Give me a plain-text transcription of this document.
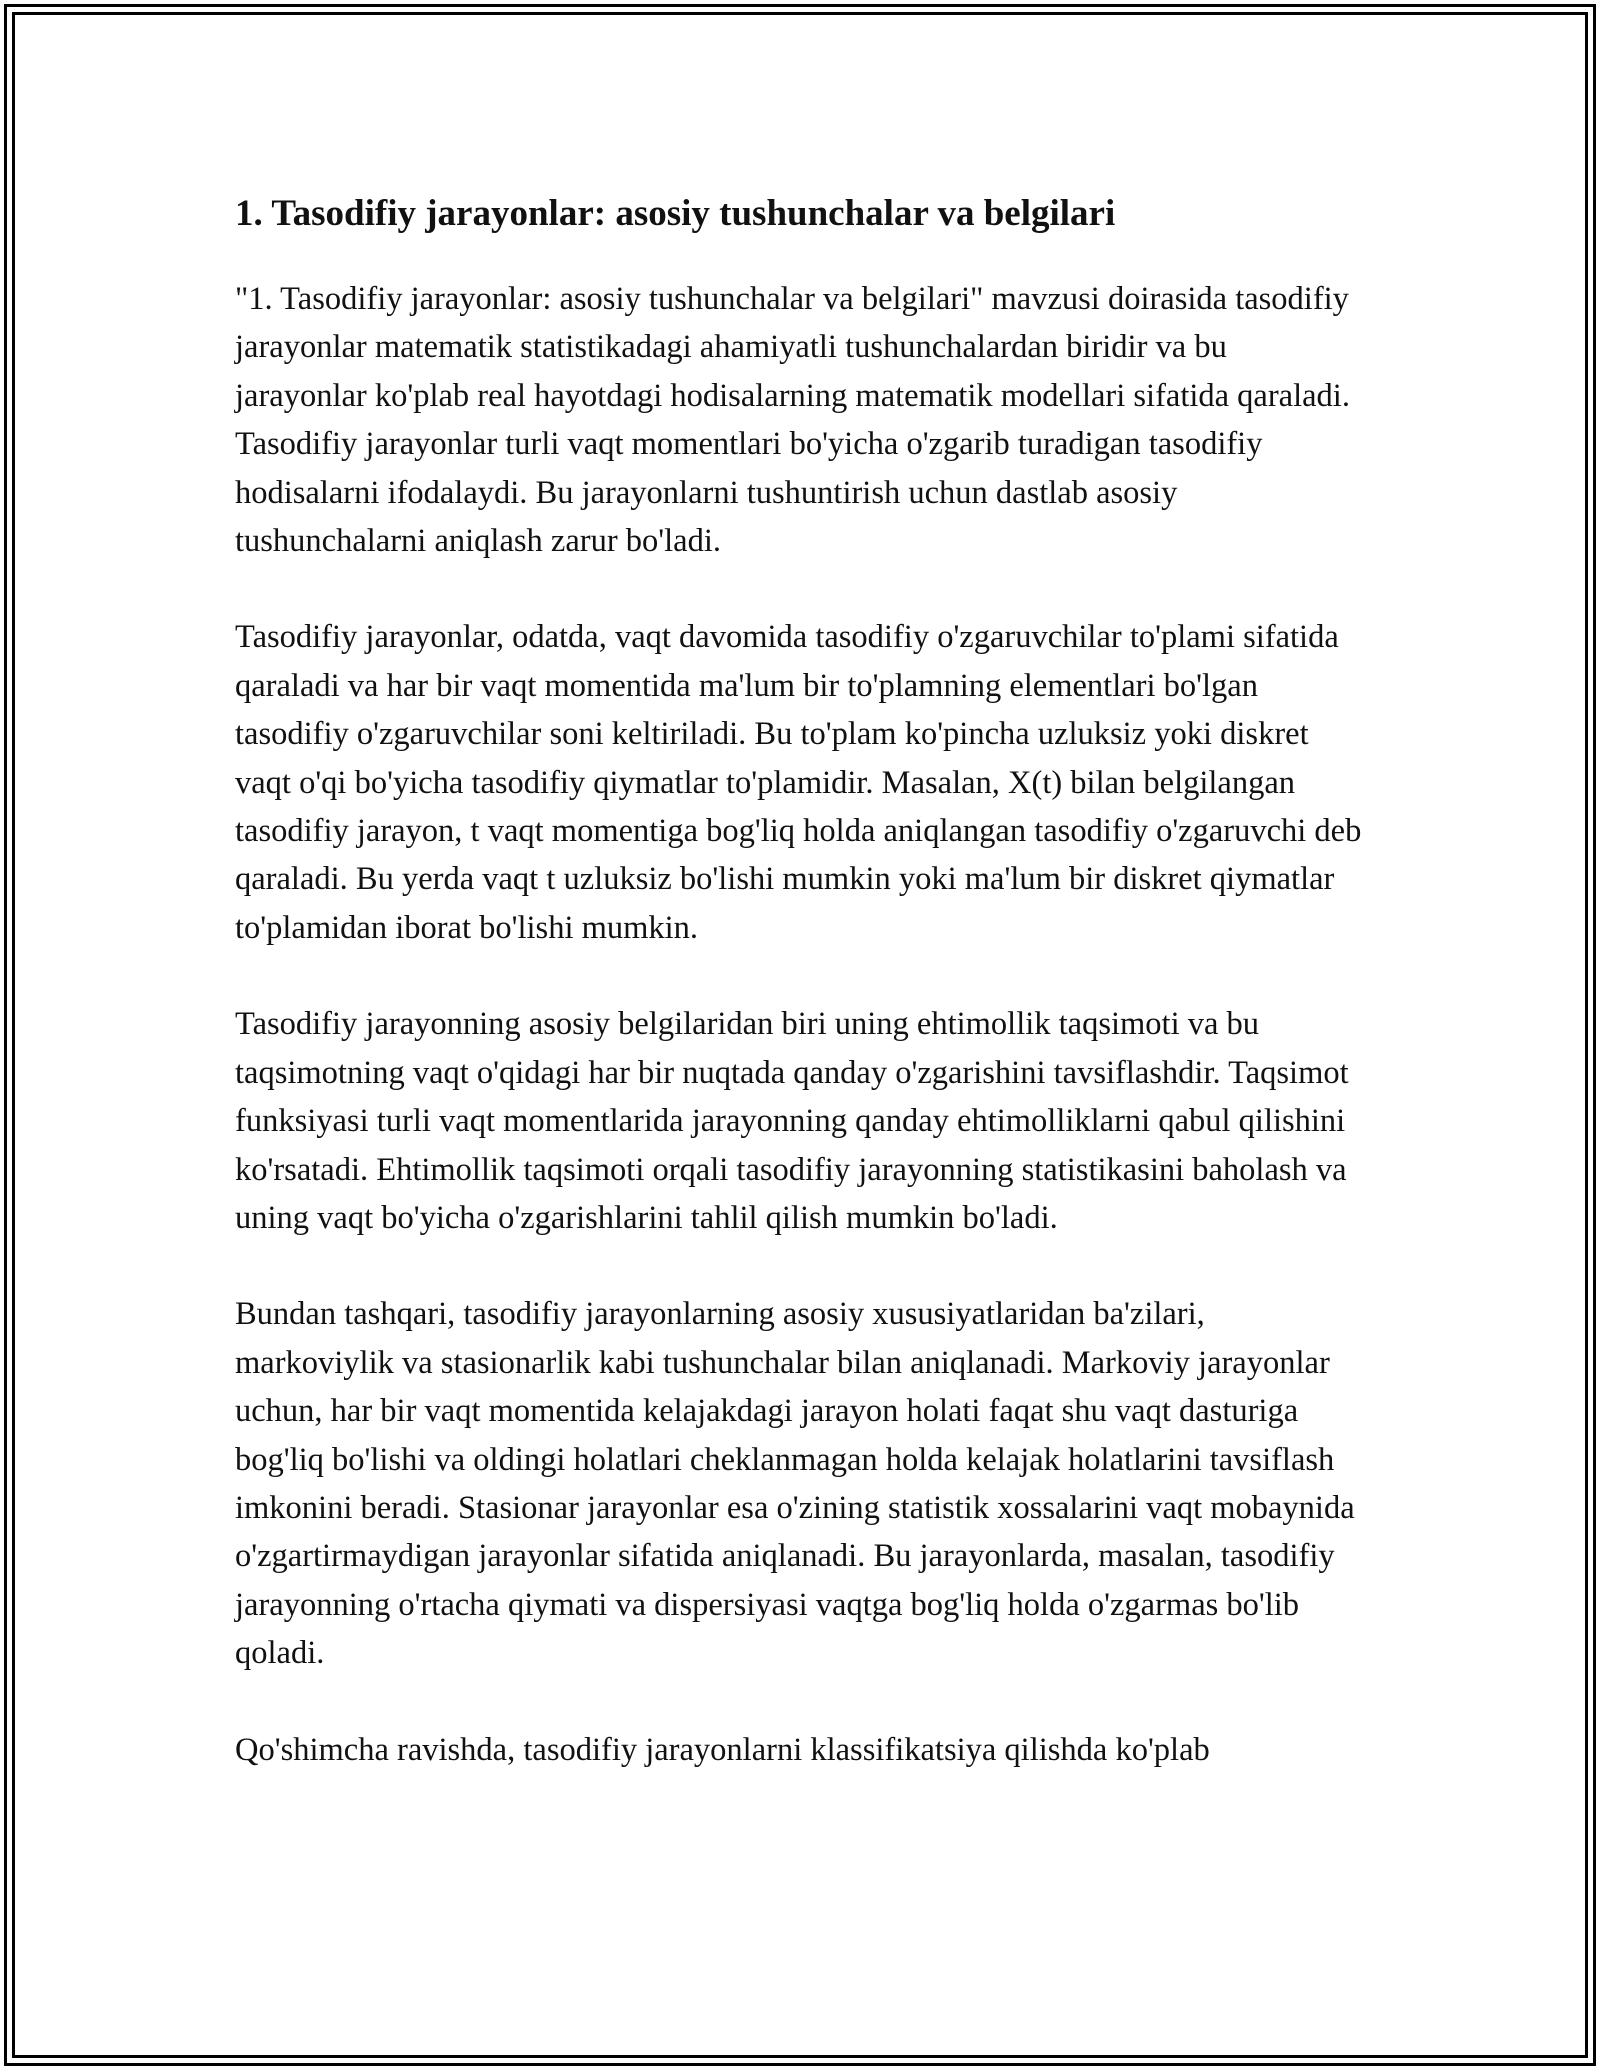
1. Tasodifiy jarayonlar: asosiy tushunchalar va belgilari

"1. Tasodifiy jarayonlar: asosiy tushunchalar va belgilari" mavzusi doirasida tasodifiy jarayonlar matematik statistikadagi ahamiyatli tushunchalardan biridir va bu jarayonlar ko'plab real hayotdagi hodisalarning matematik modellari sifatida qaraladi. Tasodifiy jarayonlar turli vaqt momentlari bo'yicha o'zgarib turadigan tasodifiy hodisalarni ifodalaydi. Bu jarayonlarni tushuntirish uchun dastlab asosiy tushunchalarni aniqlash zarur bo'ladi.

Tasodifiy jarayonlar, odatda, vaqt davomida tasodifiy o'zgaruvchilar to'plami sifatida qaraladi va har bir vaqt momentida ma'lum bir to'plamning elementlari bo'lgan tasodifiy o'zgaruvchilar soni keltiriladi. Bu to'plam ko'pincha uzluksiz yoki diskret vaqt o'qi bo'yicha tasodifiy qiymatlar to'plamidir. Masalan, X(t) bilan belgilangan tasodifiy jarayon, t vaqt momentiga bog'liq holda aniqlangan tasodifiy o'zgaruvchi deb qaraladi. Bu yerda vaqt t uzluksiz bo'lishi mumkin yoki ma'lum bir diskret qiymatlar to'plamidan iborat bo'lishi mumkin.

Tasodifiy jarayonning asosiy belgilaridan biri uning ehtimollik taqsimoti va bu taqsimotning vaqt o'qidagi har bir nuqtada qanday o'zgarishini tavsiflashdir. Taqsimot funksiyasi turli vaqt momentlarida jarayonning qanday ehtimolliklarni qabul qilishini ko'rsatadi. Ehtimollik taqsimoti orqali tasodifiy jarayonning statistikasini baholash va uning vaqt bo'yicha o'zgarishlarini tahlil qilish mumkin bo'ladi.

Bundan tashqari, tasodifiy jarayonlarning asosiy xususiyatlaridan ba'zilari, markoviylik va stasionarlik kabi tushunchalar bilan aniqlanadi. Markoviy jarayonlar uchun, har bir vaqt momentida kelajakdagi jarayon holati faqat shu vaqt dasturiga bog'liq bo'lishi va oldingi holatlari cheklanmagan holda kelajak holatlarini tavsiflash imkonini beradi. Stasionar jarayonlar esa o'zining statistik xossalarini vaqt mobaynida o'zgartirmaydigan jarayonlar sifatida aniqlanadi. Bu jarayonlarda, masalan, tasodifiy jarayonning o'rtacha qiymati va dispersiyasi vaqtga bog'liq holda o'zgarmas bo'lib qoladi.

Qo'shimcha ravishda, tasodifiy jarayonlarni klassifikatsiya qilishda ko'plab
